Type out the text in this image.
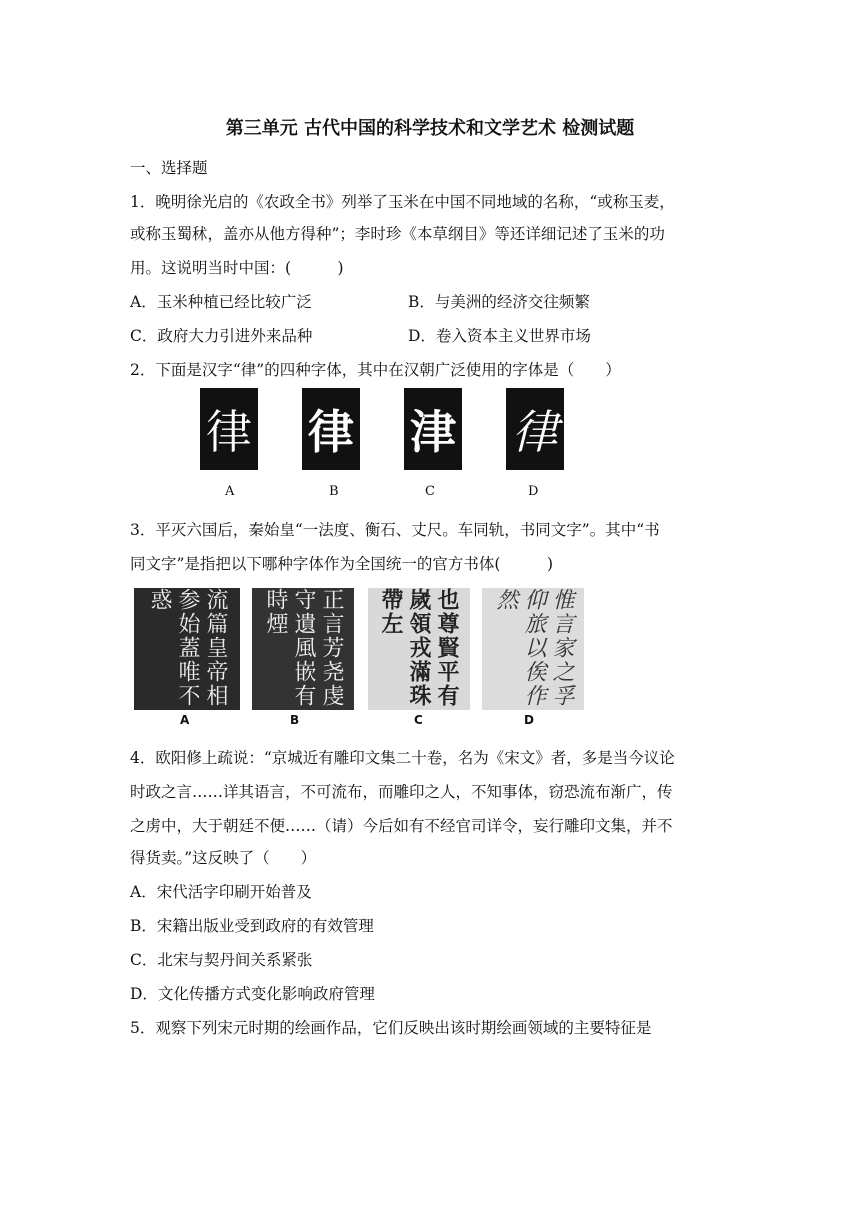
第三单元 古代中国的科学技术和文学艺术 检测试题
一、选择题
1．晚明徐光启的《农政全书》列举了玉米在中国不同地域的名称，“或称玉麦，
或称玉蜀秫，盖亦从他方得种”；李时珍《本草纲目》等还详细记述了玉米的功
用。这说明当时中国：(　　　)
A．玉米种植已经比较广泛	B．与美洲的经济交往频繁
C．政府大力引进外来品种	D．卷入资本主义世界市场
2．下面是汉字“律”的四种字体，其中在汉朝广泛使用的字体是（　　）
律 律 津 律
A	B	C	D
3．平灭六国后，秦始皇“一法度、衡石、丈尺。车同轨，书同文字”。其中“书
同文字”是指把以下哪种字体作为全国统一的官方书体(　　　)
流篇皇帝相参始蓋唯不惑	正言芳尧虔守遺風嵌有時煙	也尊賢平有嵗領戎滿珠帶左	惟言家之孚仰旅以俟作然
A	B	C	D
4．欧阳修上疏说：“京城近有雕印文集二十卷，名为《宋文》者，多是当今议论
时政之言……详其语言，不可流布，而雕印之人，不知事体，窃恐流布渐广，传
之虏中，大于朝廷不便……（请）今后如有不经官司详令，妄行雕印文集，并不
得货卖。”这反映了（　　）
A．宋代活字印刷开始普及
B．宋籍出版业受到政府的有效管理
C．北宋与契丹间关系紧张
D．文化传播方式变化影响政府管理
5．观察下列宋元时期的绘画作品，它们反映出该时期绘画领域的主要特征是
